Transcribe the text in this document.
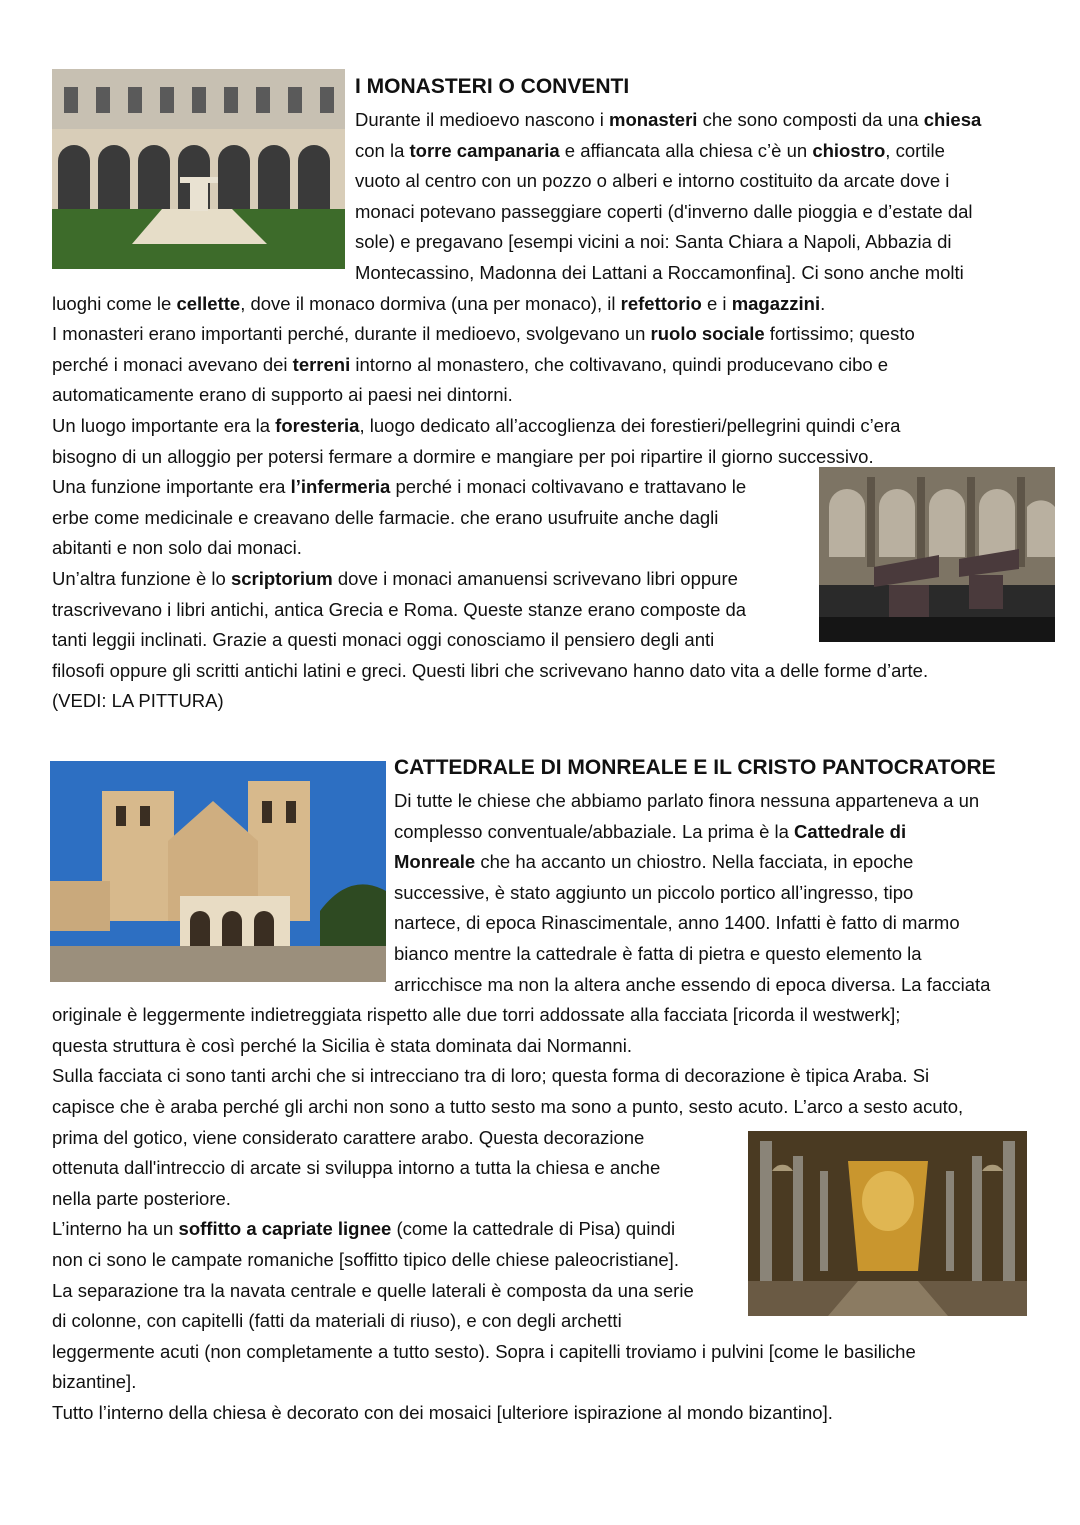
I MONASTERI O CONVENTI
Durante il medioevo nascono i monasteri che sono composti da una chiesa
con la torre campanaria e affiancata alla chiesa c’è un chiostro, cortile
vuoto al centro con un pozzo o alberi e intorno costituito da arcate dove i
monaci potevano passeggiare coperti (d'inverno dalle pioggia e d’estate dal
sole) e pregavano [esempi vicini a noi: Santa Chiara a Napoli, Abbazia di
Montecassino, Madonna dei Lattani a Roccamonfina]. Ci sono anche molti
luoghi come le cellette, dove il monaco dormiva (una per monaco), il refettorio e i magazzini.
I monasteri erano importanti perché, durante il medioevo, svolgevano un ruolo sociale fortissimo; questo
perché i monaci avevano dei terreni intorno al monastero, che coltivavano, quindi producevano cibo e
automaticamente erano di supporto ai paesi nei dintorni.
Un luogo importante era la foresteria, luogo dedicato all’accoglienza dei forestieri/pellegrini quindi c’era
bisogno di un alloggio per potersi fermare a dormire e mangiare per poi ripartire il giorno successivo.
Una funzione importante era l’infermeria perché i monaci coltivavano e trattavano le
erbe come medicinale e creavano delle farmacie. che erano usufruite anche dagli
abitanti e non solo dai monaci.
Un’altra funzione è lo scriptorium dove i monaci amanuensi scrivevano libri oppure
trascrivevano i libri antichi, antica Grecia e Roma. Queste stanze erano composte da
tanti leggii inclinati. Grazie a questi monaci oggi conosciamo il pensiero degli anti
filosofi oppure gli scritti antichi latini e greci. Questi libri che scrivevano hanno dato vita a delle forme d’arte.
(VEDI: LA PITTURA)
CATTEDRALE DI MONREALE E IL CRISTO PANTOCRATORE
Di tutte le chiese che abbiamo parlato finora nessuna apparteneva a un
complesso conventuale/abbaziale. La prima è la Cattedrale di
Monreale che ha accanto un chiostro. Nella facciata, in epoche
successive, è stato aggiunto un piccolo portico all’ingresso, tipo
nartece, di epoca Rinascimentale, anno 1400. Infatti è fatto di marmo
bianco mentre la cattedrale è fatta di pietra e questo elemento la
arricchisce ma non la altera anche essendo di epoca diversa. La facciata
originale è leggermente indietreggiata rispetto alle due torri addossate alla facciata [ricorda il westwerk];
questa struttura è così perché la Sicilia è stata dominata dai Normanni.
Sulla facciata ci sono tanti archi che si intrecciano tra di loro; questa forma di decorazione è tipica Araba. Si
capisce che è araba perché gli archi non sono a tutto sesto ma sono a punto, sesto acuto. L’arco a sesto acuto,
prima del gotico, viene considerato carattere arabo. Questa decorazione
ottenuta dall'intreccio di arcate si sviluppa intorno a tutta la chiesa e anche
nella parte posteriore.
L’interno ha un soffitto a capriate lignee (come la cattedrale di Pisa) quindi
non ci sono le campate romaniche [soffitto tipico delle chiese paleocristiane].
La separazione tra la navata centrale e quelle laterali è composta da una serie
di colonne, con capitelli (fatti da materiali di riuso), e con degli archetti
leggermente acuti (non completamente a tutto sesto). Sopra i capitelli troviamo i pulvini [come le basiliche
bizantine].
Tutto l’interno della chiesa è decorato con dei mosaici [ulteriore ispirazione al mondo bizantino].
